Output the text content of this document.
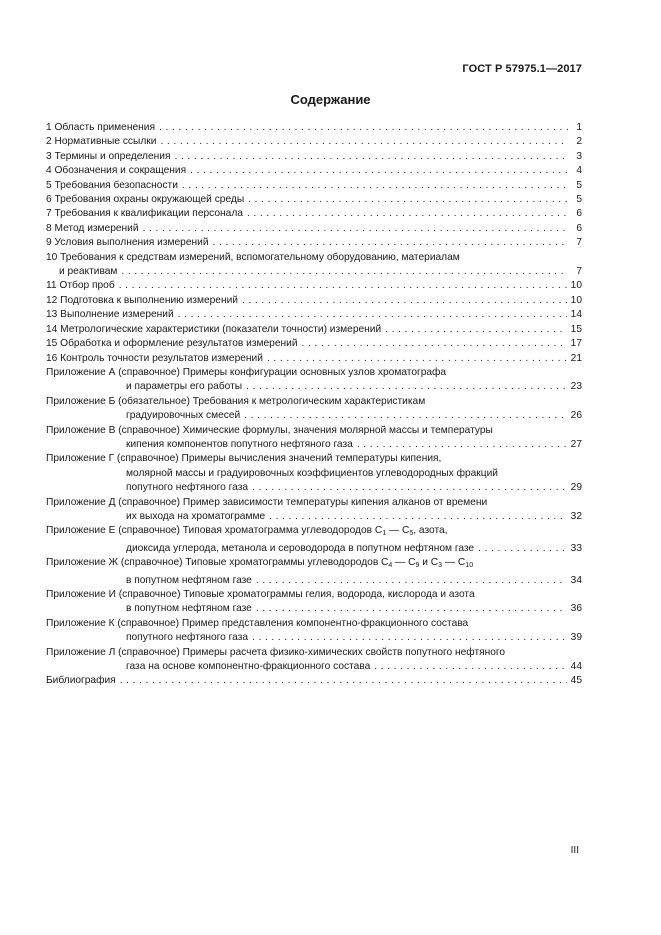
ГОСТ Р 57975.1—2017
Содержание
1 Область применения . . .	1
2 Нормативные ссылки . . .	2
3 Термины и определения . . .	3
4 Обозначения и сокращения . . .	4
5 Требования безопасности . . .	5
6 Требования охраны окружающей среды . . .	5
7 Требования к квалификации персонала . . .	6
8 Метод измерений . . .	6
9 Условия выполнения измерений . . .	7
10 Требования к средствам измерений, вспомогательному оборудованию, материалам
и реактивам . . .	7
11 Отбор проб . . .	10
12 Подготовка к выполнению измерений . . .	10
13 Выполнение измерений . . .	14
14 Метрологические характеристики (показатели точности) измерений . . .	15
15 Обработка и оформление результатов измерений . . .	17
16 Контроль точности результатов измерений . . .	21
Приложение А (справочное) Примеры конфигурации основных узлов хроматографа
и параметры его работы . . .	23
Приложение Б (обязательное) Требования к метрологическим характеристикам
градуировочных смесей . . .	26
Приложение В (справочное) Химические формулы, значения молярной массы и температуры
кипения компонентов попутного нефтяного газа . . .	27
Приложение Г (справочное) Примеры вычисления значений температуры кипения,
молярной массы и градуировочных коэффициентов углеводородных фракций
попутного нефтяного газа . . .	29
Приложение Д (справочное) Пример зависимости температуры кипения алканов от времени
их выхода на хроматограмме . . .	32
Приложение Е (справочное) Типовая хроматограмма углеводородов $С_1$ — $С_5$, азота,
диоксида углерода, метанола и сероводорода в попутном нефтяном газе . . .	33
Приложение Ж (справочное) Типовые хроматограммы углеводородов $С_4$ — $С_9$ и $С_3$ — $С_{10}$
в попутном нефтяном газе . . .	34
Приложение И (справочное) Типовые хроматограммы гелия, водорода, кислорода и азота
в попутном нефтяном газе . . .	36
Приложение К (справочное) Пример представления компонентно-фракционного состава
попутного нефтяного газа . . .	39
Приложение Л (справочное) Примеры расчета физико-химических свойств попутного нефтяного
газа на основе компонентно-фракционного состава . . .	44
Библиография . . .	45
III
